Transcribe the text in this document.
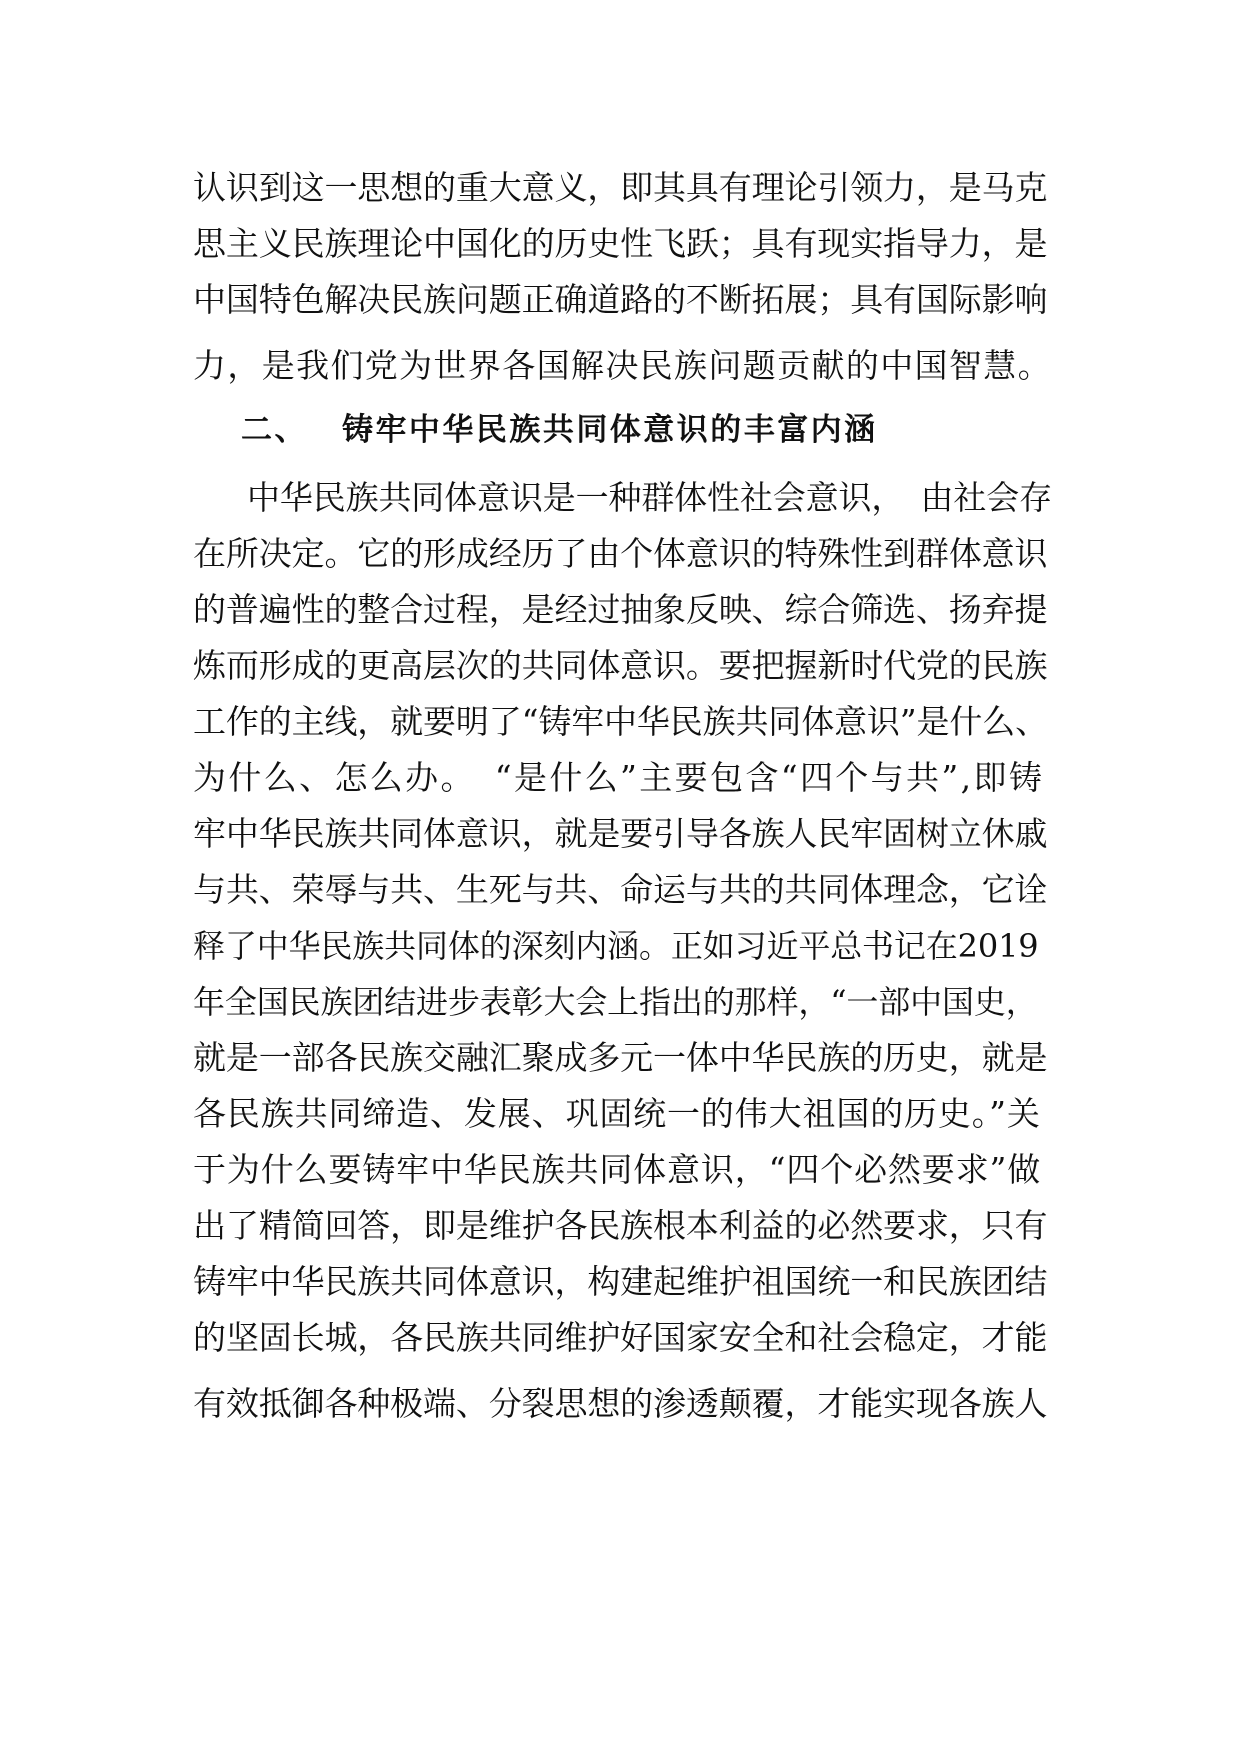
认识到这一思想的重大意义，即其具有理论引领力，是马克
思主义民族理论中国化的历史性飞跃；具有现实指导力，是
中国特色解决民族问题正确道路的不断拓展；具有国际影响
力，是我们党为世界各国解决民族问题贡献的中国智慧。
二、 铸牢中华民族共同体意识的丰富内涵
中华民族共同体意识是一种群体性社会意识，　由社会存
在所决定。它的形成经历了由个体意识的特殊性到群体意识
的普遍性的整合过程，是经过抽象反映、综合筛选、扬弃提
炼而形成的更高层次的共同体意识。要把握新时代党的民族
工作的主线，就要明了“铸牢中华民族共同体意识”是什么、
为什么、怎么办。　“是什么”主要包含“四个与共”,即铸
牢中华民族共同体意识，就是要引导各族人民牢固树立休戚
与共、荣辱与共、生死与共、命运与共的共同体理念，它诠
释了中华民族共同体的深刻内涵。正如习近平总书记在2019
年全国民族团结进步表彰大会上指出的那样，“一部中国史，
就是一部各民族交融汇聚成多元一体中华民族的历史，就是
各民族共同缔造、发展、巩固统一的伟大祖国的历史。”关
于为什么要铸牢中华民族共同体意识，“四个必然要求”做
出了精简回答，即是维护各民族根本利益的必然要求，只有
铸牢中华民族共同体意识，构建起维护祖国统一和民族团结
的坚固长城，各民族共同维护好国家安全和社会稳定，才能
有效抵御各种极端、分裂思想的渗透颠覆，才能实现各族人
